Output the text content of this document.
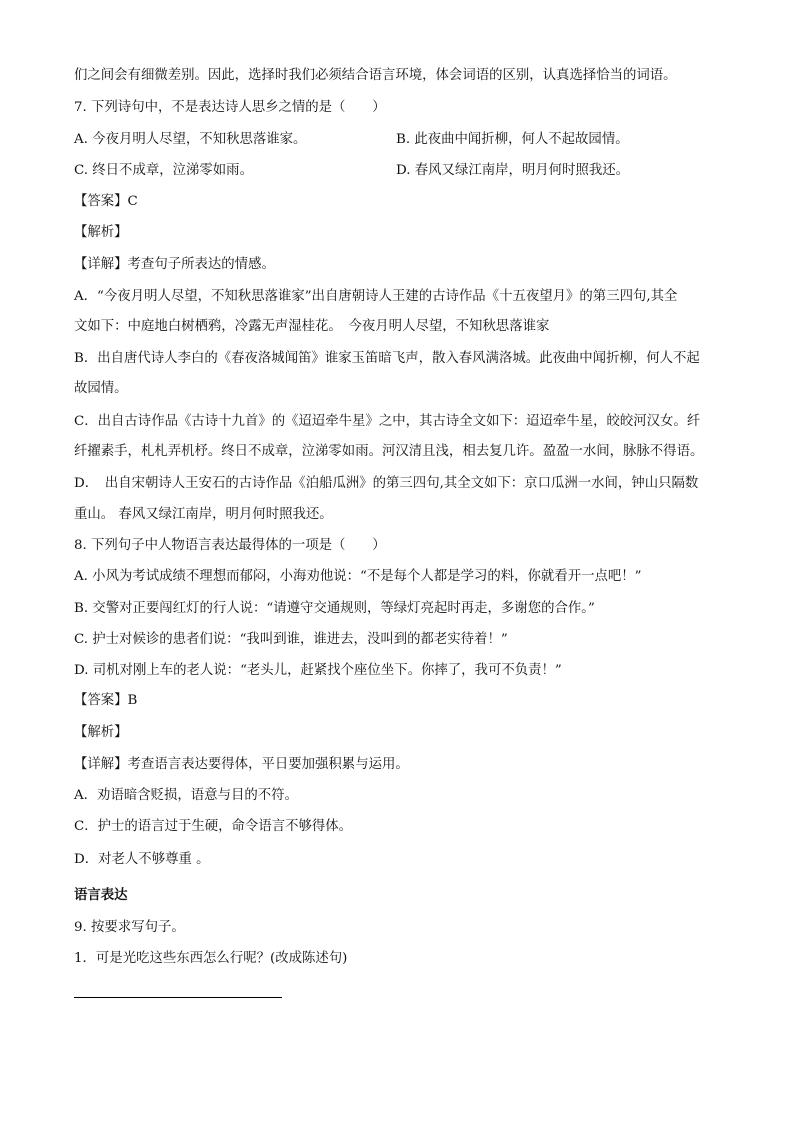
们之间会有细微差别。因此，选择时我们必须结合语言环境，体会词语的区别，认真选择恰当的词语。
7. 下列诗句中，不是表达诗人思乡之情的是（　　）
A. 今夜月明人尽望，不知秋思落谁家。	B. 此夜曲中闻折柳，何人不起故园情。
C. 终日不成章，泣涕零如雨。	D. 春风又绿江南岸，明月何时照我还。
【答案】C
【解析】
【详解】考查句子所表达的情感。
A．“今夜月明人尽望，不知秋思落谁家”出自唐朝诗人王建的古诗作品《十五夜望月》的第三四句,其全
文如下：中庭地白树栖鸦，冷露无声湿桂花。　今夜月明人尽望，不知秋思落谁家
B．出自唐代诗人李白的《春夜洛城闻笛》谁家玉笛暗飞声，散入春风满洛城。此夜曲中闻折柳，何人不起
故园情。
C．出自古诗作品《古诗十九首》的《迢迢牵牛星》之中，其古诗全文如下：迢迢牵牛星，皎皎河汉女。纤
纤擢素手，札札弄机杼。终日不成章，泣涕零如雨。河汉清且浅，相去复几许。盈盈一水间，脉脉不得语。
D．　出自宋朝诗人王安石的古诗作品《泊船瓜洲》的第三四句,其全文如下：京口瓜洲一水间，钟山只隔数
重山。 春风又绿江南岸，明月何时照我还。
8. 下列句子中人物语言表达最得体的一项是（　　）
A. 小风为考试成绩不理想而郁闷，小海劝他说：“不是每个人都是学习的料，你就看开一点吧！”
B. 交警对正要闯红灯的行人说：“请遵守交通规则，等绿灯亮起时再走，多谢您的合作。”
C. 护士对候诊的患者们说：“我叫到谁，谁进去，没叫到的都老实待着！”
D. 司机对刚上车的老人说：“老头儿，赶紧找个座位坐下。你摔了，我可不负责！”
【答案】B
【解析】
【详解】考查语言表达要得体，平日要加强积累与运用。
A．劝语暗含贬损，语意与目的不符。
C．护士的语言过于生硬，命令语言不够得体。
D．对老人不够尊重 。
语言表达
9. 按要求写句子。
1．可是光吃这些东西怎么行呢？(改成陈述句)
